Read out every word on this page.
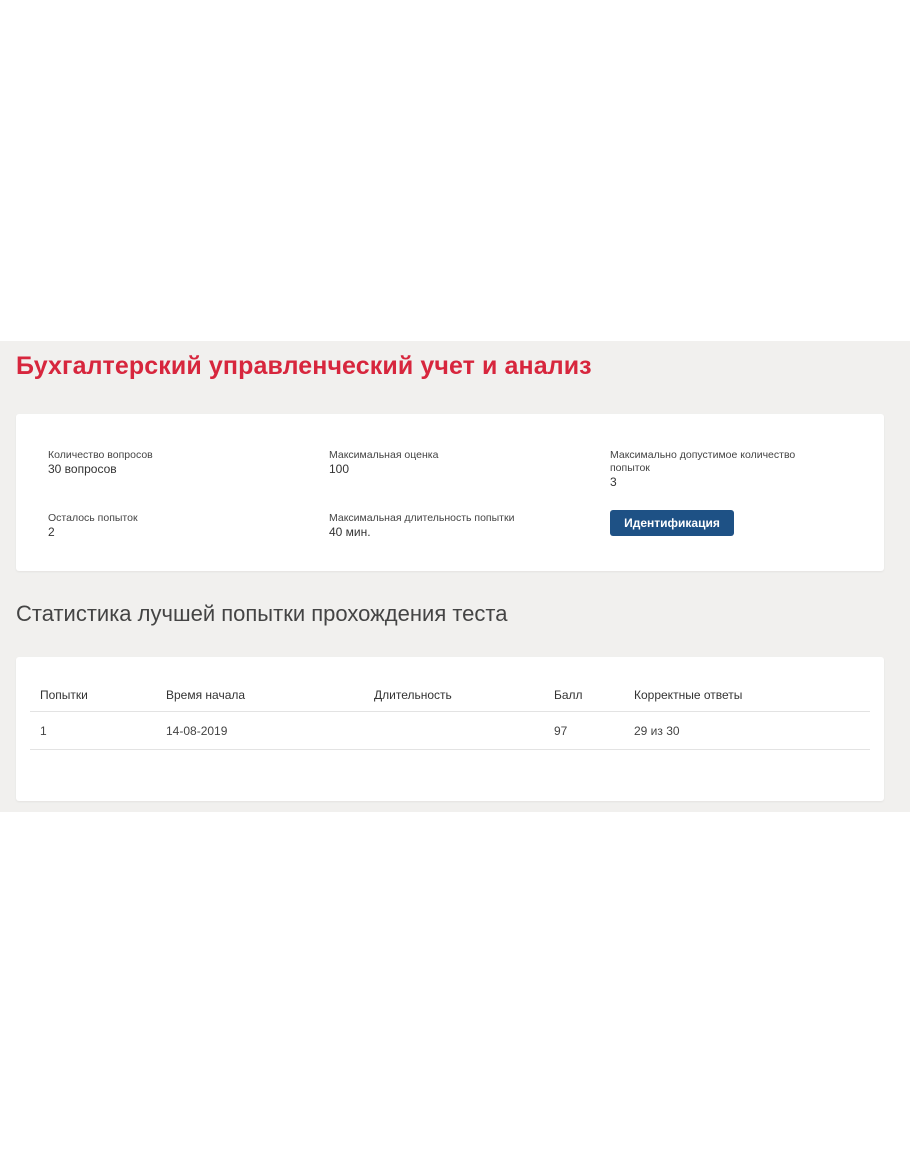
Бухгалтерский управленческий учет и анализ
Количество вопросов
30 вопросов
Максимальная оценка
100
Максимально допустимое количество попыток
3
Осталось попыток
2
Максимальная длительность попытки
40 мин.
Идентификация
Статистика лучшей попытки прохождения теста
Попытки	Время начала	Длительность	Балл	Корректные ответы
1	14-08-2019		97	29 из 30
